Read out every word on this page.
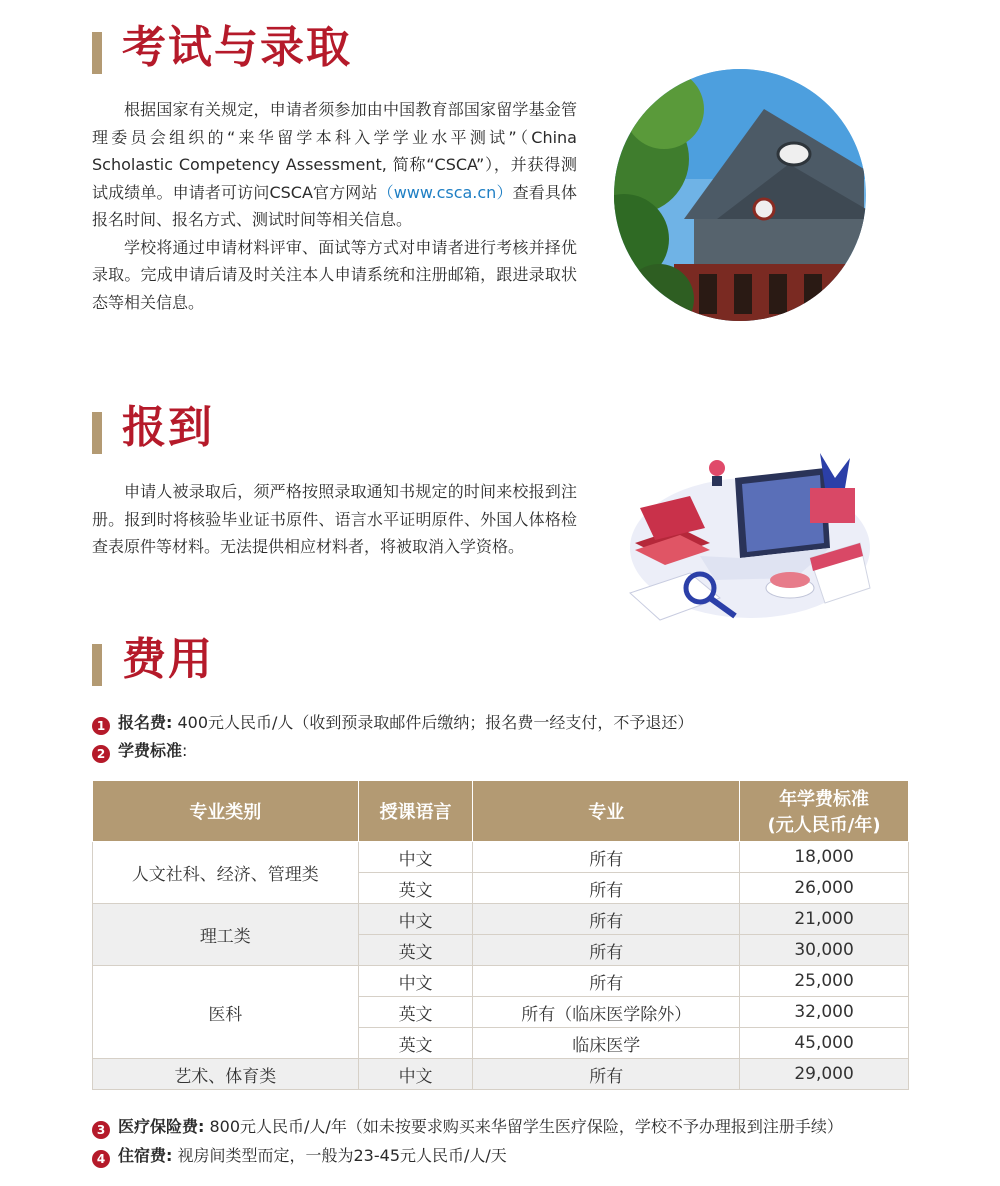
考试与录取

根据国家有关规定，申请者须参加由中国教育部国家留学基金管理委员会组织的“来华留学本科入学学业水平测试”（China Scholastic Competency Assessment, 简称“CSCA”），并获得测试成绩单。申请者可访问CSCA官方网站（www.csca.cn）查看具体报名时间、报名方式、测试时间等相关信息。

学校将通过申请材料评审、面试等方式对申请者进行考核并择优录取。完成申请后请及时关注本人申请系统和注册邮箱，跟进录取状态等相关信息。

报到

申请人被录取后，须严格按照录取通知书规定的时间来校报到注册。报到时将核验毕业证书原件、语言水平证明原件、外国人体格检查表原件等材料。无法提供相应材料者，将被取消入学资格。

费用
1 报名费: 400元人民币/人（收到预录取邮件后缴纳；报名费一经支付，不予退还）
2 学费标准:
专业类别	授课语言	专业	年学费标准
(元人民币/年)

人文社科、经济、管理类	中文	所有	18,000
	英文	所有	26,000
理工类	中文	所有	21,000
	英文	所有	30,000
医科	中文	所有	25,000
	英文	所有（临床医学除外）	32,000
	英文	临床医学	45,000
艺术、体育类	中文	所有	29,000
3 医疗保险费: 800元人民币/人/年（如未按要求购买来华留学生医疗保险，学校不予办理报到注册手续）
4 住宿费: 视房间类型而定，一般为23-45元人民币/人/天
